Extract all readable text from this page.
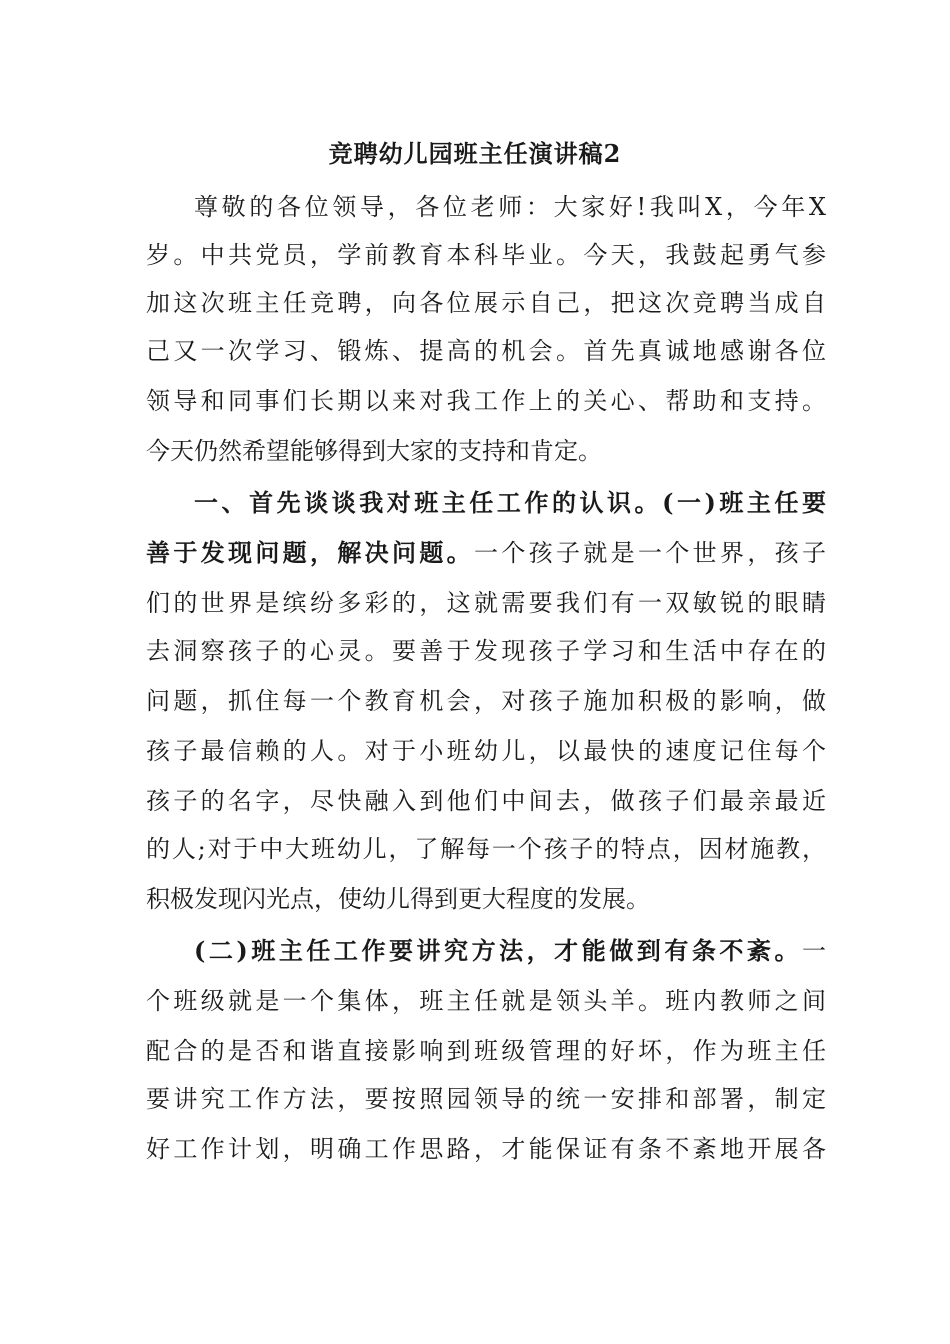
竞聘幼儿园班主任演讲稿2
尊敬的各位领导，各位老师：大家好!我叫X，今年X
岁。中共党员，学前教育本科毕业。今天，我鼓起勇气参
加这次班主任竞聘，向各位展示自己，把这次竞聘当成自
己又一次学习、锻炼、提高的机会。首先真诚地感谢各位
领导和同事们长期以来对我工作上的关心、帮助和支持。
今天仍然希望能够得到大家的支持和肯定。
一、首先谈谈我对班主任工作的认识。(一)班主任要
善于发现问题，解决问题。一个孩子就是一个世界，孩子
们的世界是缤纷多彩的，这就需要我们有一双敏锐的眼睛
去洞察孩子的心灵。要善于发现孩子学习和生活中存在的
问题，抓住每一个教育机会，对孩子施加积极的影响，做
孩子最信赖的人。对于小班幼儿，以最快的速度记住每个
孩子的名字，尽快融入到他们中间去，做孩子们最亲最近
的人;对于中大班幼儿，了解每一个孩子的特点，因材施教，
积极发现闪光点，使幼儿得到更大程度的发展。
(二)班主任工作要讲究方法，才能做到有条不紊。一
个班级就是一个集体，班主任就是领头羊。班内教师之间
配合的是否和谐直接影响到班级管理的好坏，作为班主任
要讲究工作方法，要按照园领导的统一安排和部署，制定
好工作计划，明确工作思路，才能保证有条不紊地开展各
